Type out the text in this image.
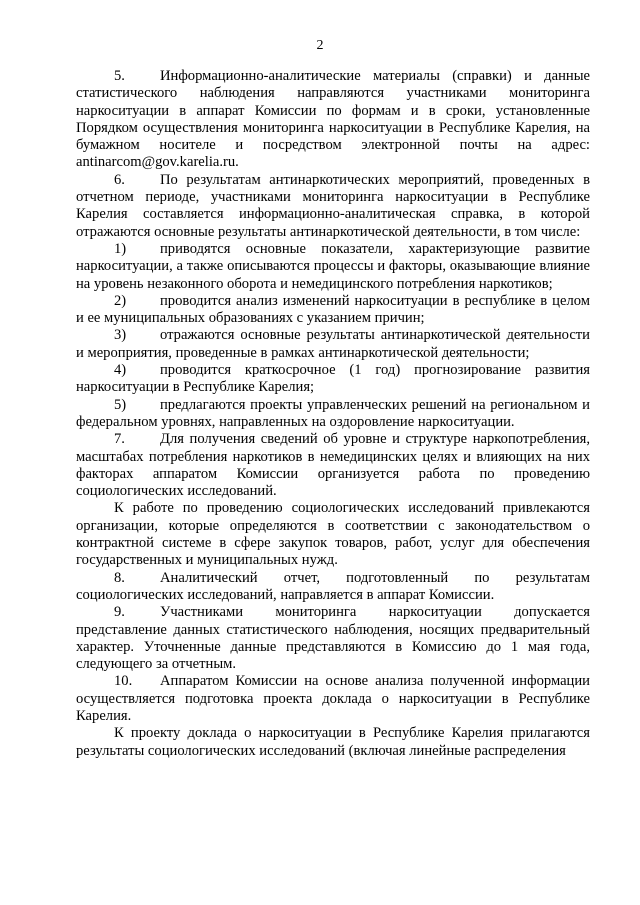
2

5. Информационно-аналитические материалы (справки) и данные статистического наблюдения направляются участниками мониторинга наркоситуации в аппарат Комиссии по формам и в сроки, установленные Порядком осуществления мониторинга наркоситуации в Республике Карелия, на бумажном носителе и посредством электронной почты на адрес: antinarcom@gov.karelia.ru.

6. По результатам антинаркотических мероприятий, проведенных в отчетном периоде, участниками мониторинга наркоситуации в Республике Карелия составляется информационно-аналитическая справка, в которой отражаются основные результаты антинаркотической деятельности, в том числе:

1) приводятся основные показатели, характеризующие развитие наркоситуации, а также описываются процессы и факторы, оказывающие влияние на уровень незаконного оборота и немедицинского потребления наркотиков;

2) проводится анализ изменений наркоситуации в республике в целом и ее муниципальных образованиях с указанием причин;

3) отражаются основные результаты антинаркотической деятельности и мероприятия, проведенные в рамках антинаркотической деятельности;

4) проводится краткосрочное (1 год) прогнозирование развития наркоситуации в Республике Карелия;

5) предлагаются проекты управленческих решений на региональном и федеральном уровнях, направленных на оздоровление наркоситуации.

7. Для получения сведений об уровне и структуре наркопотребления, масштабах потребления наркотиков в немедицинских целях и влияющих на них факторах аппаратом Комиссии организуется работа по проведению социологических исследований.

К работе по проведению социологических исследований привлекаются организации, которые определяются в соответствии с законодательством о контрактной системе в сфере закупок товаров, работ, услуг для обеспечения государственных и муниципальных нужд.

8. Аналитический отчет, подготовленный по результатам социологических исследований, направляется в аппарат Комиссии.

9. Участниками мониторинга наркоситуации допускается представление данных статистического наблюдения, носящих предварительный характер. Уточненные данные представляются в Комиссию до 1 мая года, следующего за отчетным.

10. Аппаратом Комиссии на основе анализа полученной информации осуществляется подготовка проекта доклада о наркоситуации в Республике Карелия.

К проекту доклада о наркоситуации в Республике Карелия прилагаются результаты социологических исследований (включая линейные распределения
